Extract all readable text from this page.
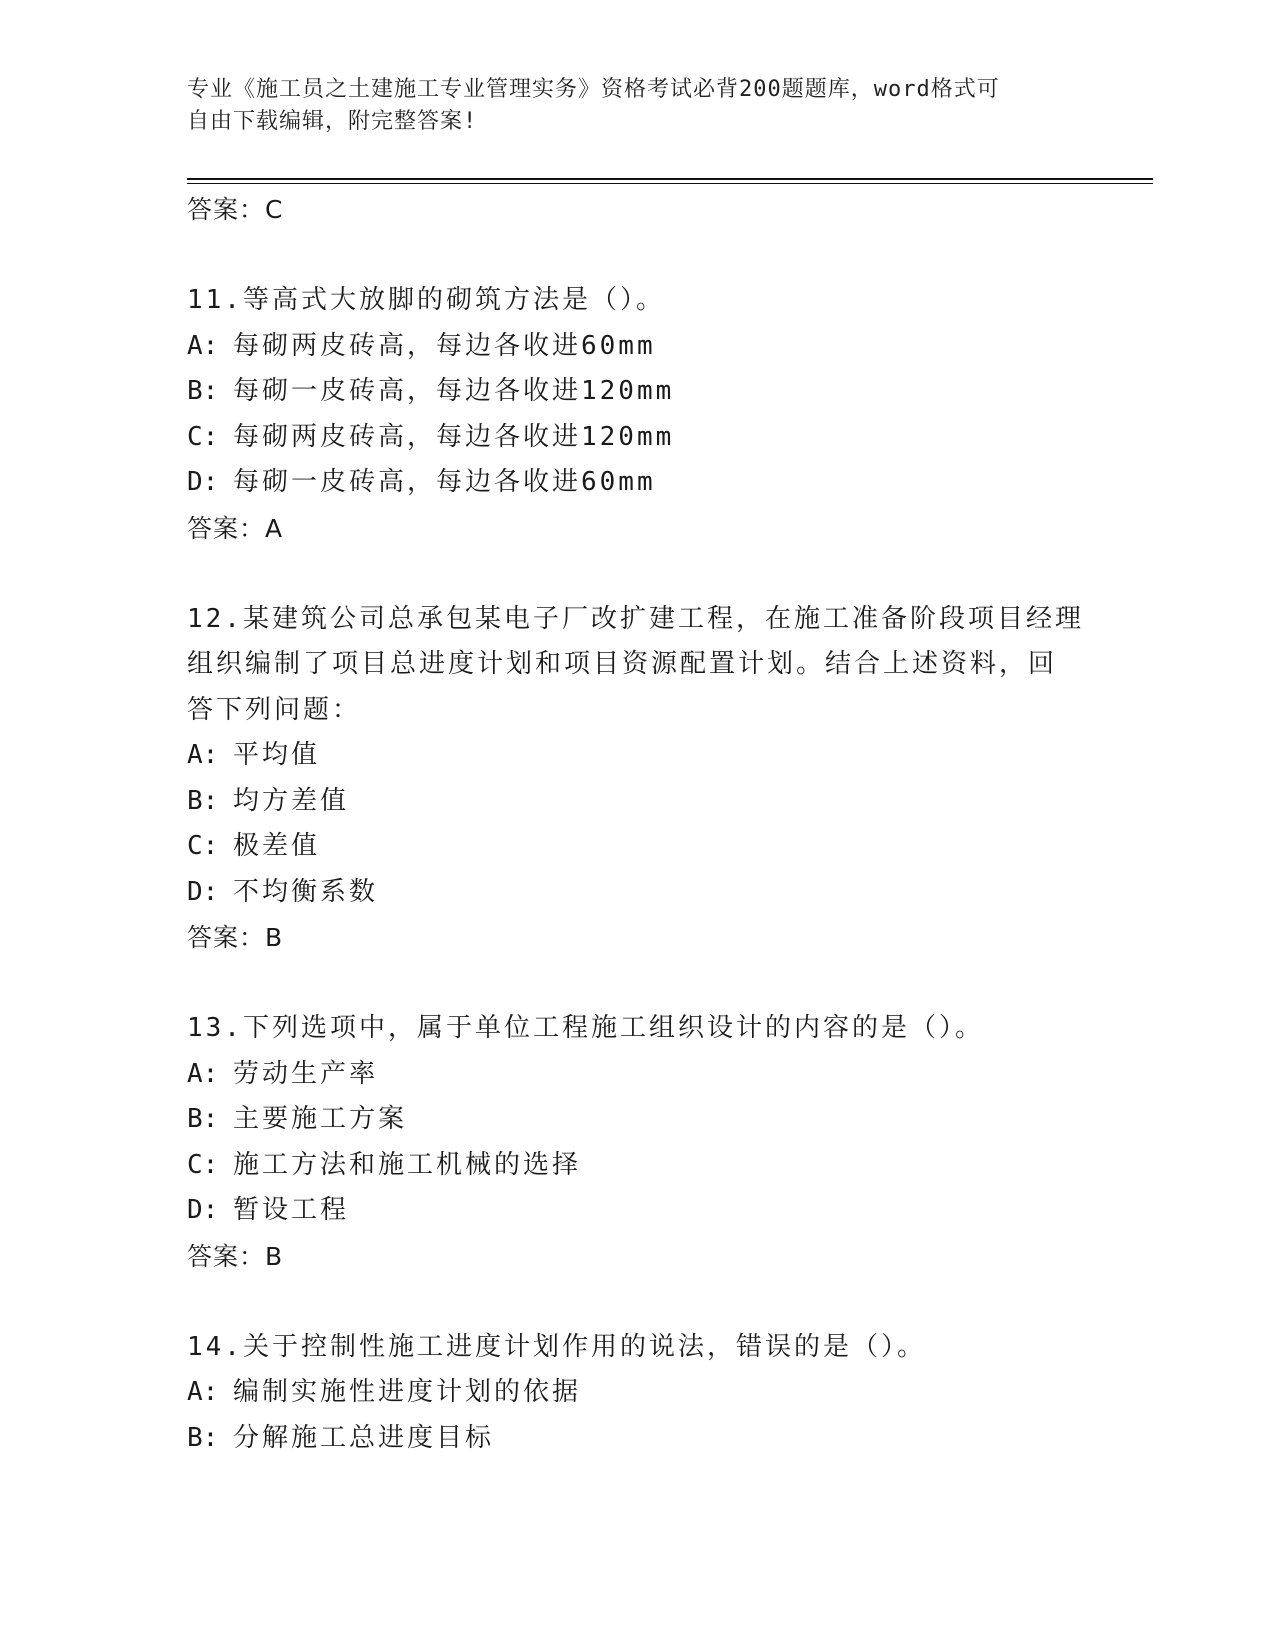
专业《施工员之土建施工专业管理实务》资格考试必背200题题库，word格式可
自由下载编辑，附完整答案!
答案：C
11.等高式大放脚的砌筑方法是（）。
A: 每砌两皮砖高，每边各收进60mm
B: 每砌一皮砖高，每边各收进120mm
C: 每砌两皮砖高，每边各收进120mm
D: 每砌一皮砖高，每边各收进60mm
答案：A
12.某建筑公司总承包某电子厂改扩建工程，在施工准备阶段项目经理
组织编制了项目总进度计划和项目资源配置计划。结合上述资料，回
答下列问题：
A: 平均值
B: 均方差值
C: 极差值
D: 不均衡系数
答案：B
13.下列选项中，属于单位工程施工组织设计的内容的是（）。
A: 劳动生产率
B: 主要施工方案
C: 施工方法和施工机械的选择
D: 暂设工程
答案：B
14.关于控制性施工进度计划作用的说法，错误的是（）。
A: 编制实施性进度计划的依据
B: 分解施工总进度目标
